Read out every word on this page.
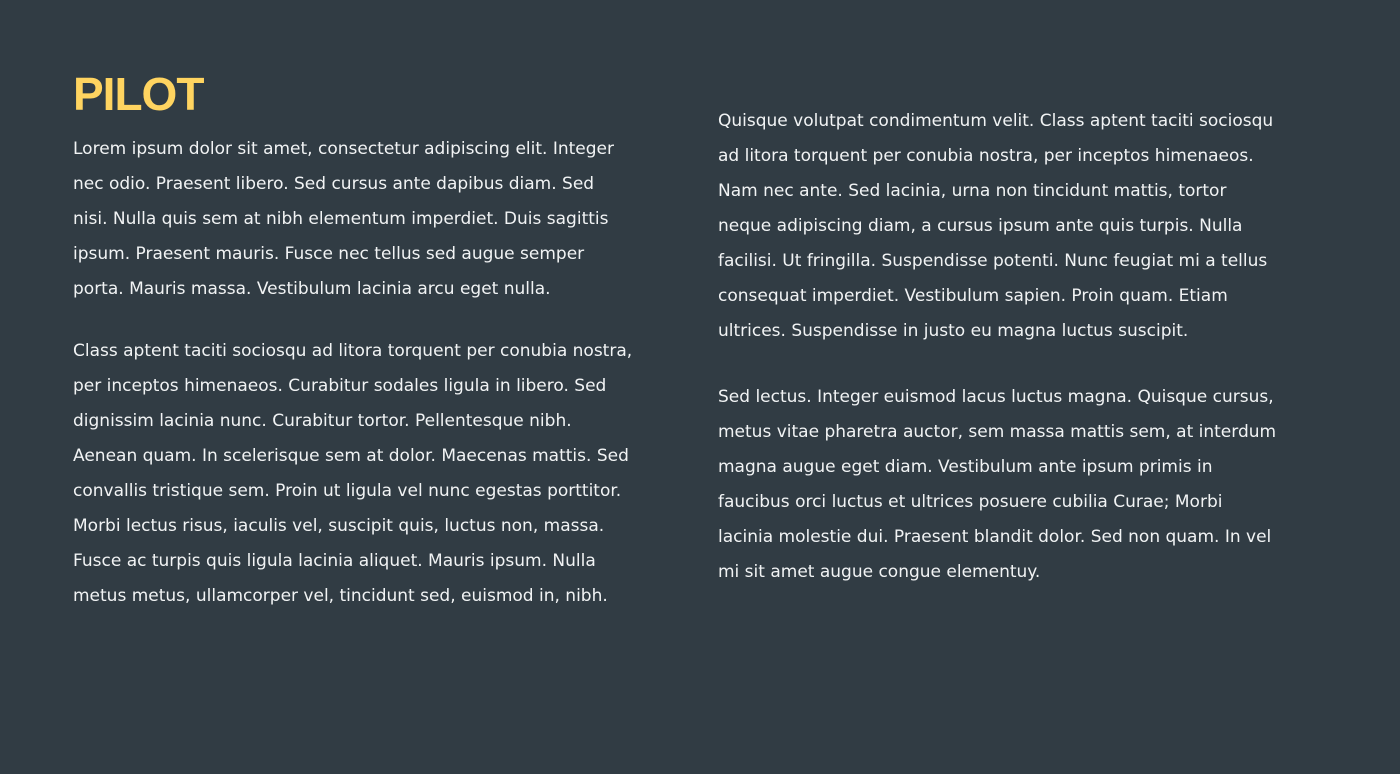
PILOT

Lorem ipsum dolor sit amet, consectetur adipiscing elit. Integer nec odio. Praesent libero. Sed cursus ante dapibus diam. Sed nisi. Nulla quis sem at nibh elementum imperdiet. Duis sagittis ipsum. Praesent mauris. Fusce nec tellus sed augue semper porta. Mauris massa. Vestibulum lacinia arcu eget nulla.

Class aptent taciti sociosqu ad litora torquent per conubia nostra, per inceptos himenaeos. Curabitur sodales ligula in libero. Sed dignissim lacinia nunc. Curabitur tortor. Pellentesque nibh. Aenean quam. In scelerisque sem at dolor. Maecenas mattis. Sed convallis tristique sem. Proin ut ligula vel nunc egestas porttitor. Morbi lectus risus, iaculis vel, suscipit quis, luctus non, massa. Fusce ac turpis quis ligula lacinia aliquet. Mauris ipsum. Nulla metus metus, ullamcorper vel, tincidunt sed, euismod in, nibh.

Quisque volutpat condimentum velit. Class aptent taciti sociosqu ad litora torquent per conubia nostra, per inceptos himenaeos. Nam nec ante. Sed lacinia, urna non tincidunt mattis, tortor neque adipiscing diam, a cursus ipsum ante quis turpis. Nulla facilisi. Ut fringilla. Suspendisse potenti. Nunc feugiat mi a tellus consequat imperdiet. Vestibulum sapien. Proin quam. Etiam ultrices. Suspendisse in justo eu magna luctus suscipit.

Sed lectus. Integer euismod lacus luctus magna. Quisque cursus, metus vitae pharetra auctor, sem massa mattis sem, at interdum magna augue eget diam. Vestibulum ante ipsum primis in faucibus orci luctus et ultrices posuere cubilia Curae; Morbi lacinia molestie dui. Praesent blandit dolor. Sed non quam. In vel mi sit amet augue congue elementuy.
